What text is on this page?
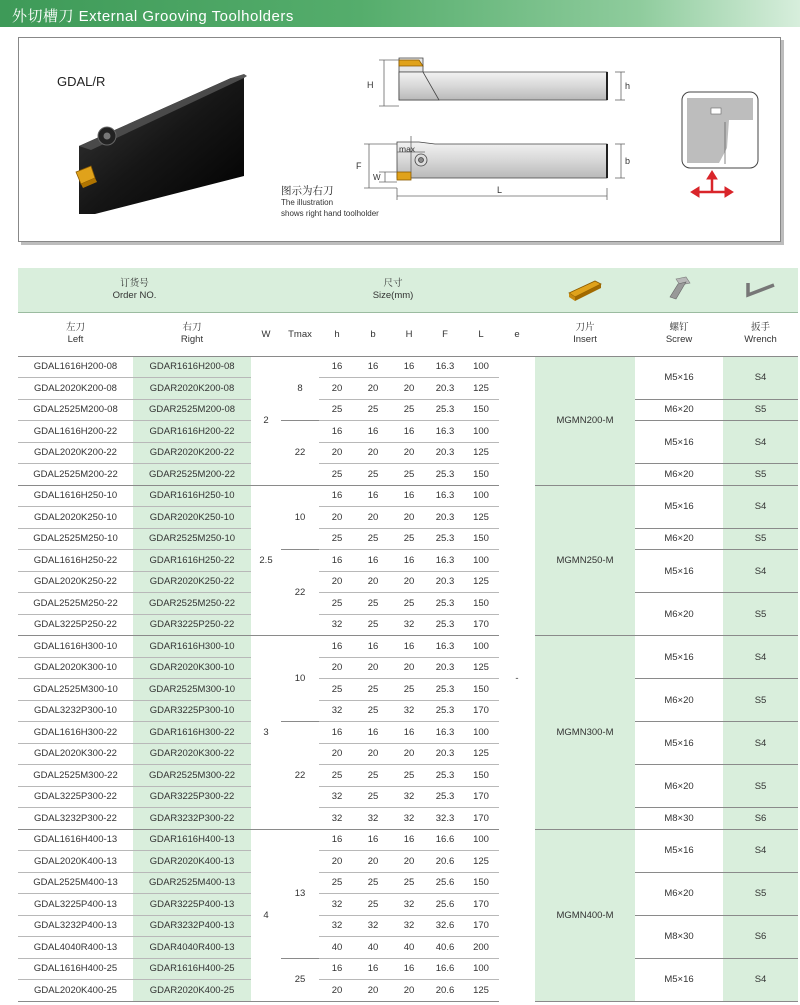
外切槽刀 External Grooving Toolholders
H	h
max
F
W
b
L
GDAL/R
图示为右刀
The illustration
shows right hand toolholder
订货号
Order NO.		尺寸
Size(mm)

左刀
Left	右刀
Right	W	Tmax	h	b	H	F	L	e	刀片
Insert	螺钉
Screw	扳手
Wrench

GDAL1616H200-08	GDAR1616H200-08	2	8	16	16	16	16.3	100	-	MGMN200-M	M5×16	S4
GDAL2020K200-08	GDAR2020K200-08			20	20	20	20.3	125				
GDAL2525M200-08	GDAR2525M200-08			25	25	25	25.3	150			M6×20	S5
GDAL1616H200-22	GDAR1616H200-22		22	16	16	16	16.3	100			M5×16	S4
GDAL2020K200-22	GDAR2020K200-22			20	20	20	20.3	125				
GDAL2525M200-22	GDAR2525M200-22			25	25	25	25.3	150			M6×20	S5
GDAL1616H250-10	GDAR1616H250-10	2.5	10	16	16	16	16.3	100		MGMN250-M	M5×16	S4
GDAL2020K250-10	GDAR2020K250-10			20	20	20	20.3	125				
GDAL2525M250-10	GDAR2525M250-10			25	25	25	25.3	150			M6×20	S5
GDAL1616H250-22	GDAR1616H250-22		22	16	16	16	16.3	100			M5×16	S4
GDAL2020K250-22	GDAR2020K250-22			20	20	20	20.3	125				
GDAL2525M250-22	GDAR2525M250-22			25	25	25	25.3	150			M6×20	S5
GDAL3225P250-22	GDAR3225P250-22			32	25	32	25.3	170				
GDAL1616H300-10	GDAR1616H300-10	3	10	16	16	16	16.3	100		MGMN300-M	M5×16	S4
GDAL2020K300-10	GDAR2020K300-10			20	20	20	20.3	125				
GDAL2525M300-10	GDAR2525M300-10			25	25	25	25.3	150			M6×20	S5
GDAL3232P300-10	GDAR3225P300-10			32	25	32	25.3	170				
GDAL1616H300-22	GDAR1616H300-22		22	16	16	16	16.3	100			M5×16	S4
GDAL2020K300-22	GDAR2020K300-22			20	20	20	20.3	125				
GDAL2525M300-22	GDAR2525M300-22			25	25	25	25.3	150			M6×20	S5
GDAL3225P300-22	GDAR3225P300-22			32	25	32	25.3	170				
GDAL3232P300-22	GDAR3232P300-22			32	32	32	32.3	170			M8×30	S6
GDAL1616H400-13	GDAR1616H400-13	4	13	16	16	16	16.6	100		MGMN400-M	M5×16	S4
GDAL2020K400-13	GDAR2020K400-13			20	20	20	20.6	125				
GDAL2525M400-13	GDAR2525M400-13			25	25	25	25.6	150			M6×20	S5
GDAL3225P400-13	GDAR3225P400-13			32	25	32	25.6	170				
GDAL3232P400-13	GDAR3232P400-13			32	32	32	32.6	170			M8×30	S6
GDAL4040R400-13	GDAR4040R400-13			40	40	40	40.6	200				
GDAL1616H400-25	GDAR1616H400-25		25	16	16	16	16.6	100			M5×16	S4
GDAL2020K400-25	GDAR2020K400-25			20	20	20	20.6	125				
